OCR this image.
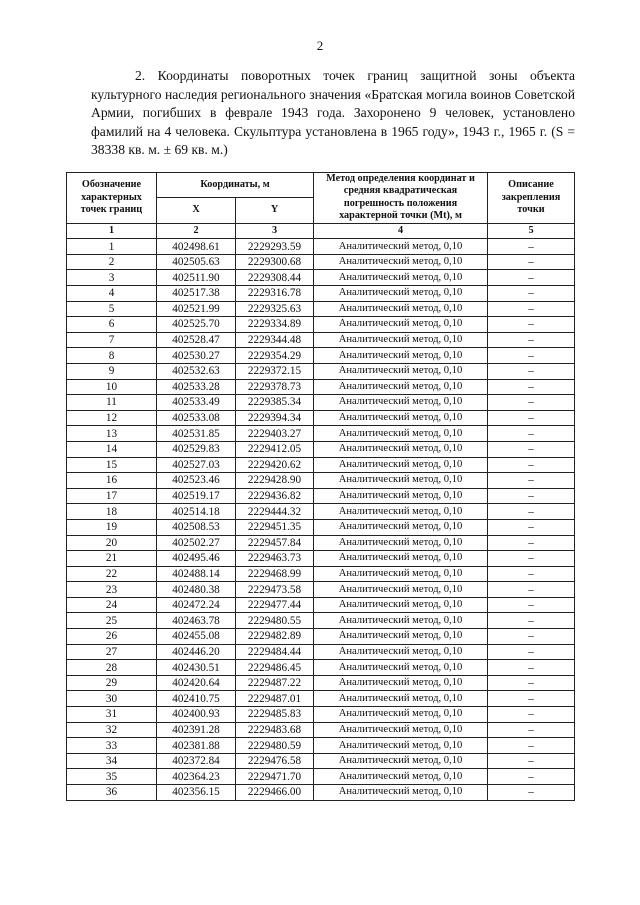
2
2. Координаты поворотных точек границ защитной зоны объекта культурного наследия регионального значения «Братская могила воинов Советской Армии, погибших в феврале 1943 года. Захоронено 9 человек, установлено фамилий на 4 человека. Скульптура установлена в 1965 году», 1943 г., 1965 г. (S = 38338 кв. м. ± 69 кв. м.)
Обозначение характерных точек границ	Координаты, м		Метод определения координат и средняя квадратическая погрешность положения характерной точки (Mt), м	Описание закрепления точки
	X	Y		
1	2	3	4	5
1	402498.61	2229293.59	Аналитический метод, 0,10	–
2	402505.63	2229300.68	Аналитический метод, 0,10	–
3	402511.90	2229308.44	Аналитический метод, 0,10	–
4	402517.38	2229316.78	Аналитический метод, 0,10	–
5	402521.99	2229325.63	Аналитический метод, 0,10	–
6	402525.70	2229334.89	Аналитический метод, 0,10	–
7	402528.47	2229344.48	Аналитический метод, 0,10	–
8	402530.27	2229354.29	Аналитический метод, 0,10	–
9	402532.63	2229372.15	Аналитический метод, 0,10	–
10	402533.28	2229378.73	Аналитический метод, 0,10	–
11	402533.49	2229385.34	Аналитический метод, 0,10	–
12	402533.08	2229394.34	Аналитический метод, 0,10	–
13	402531.85	2229403.27	Аналитический метод, 0,10	–
14	402529.83	2229412.05	Аналитический метод, 0,10	–
15	402527.03	2229420.62	Аналитический метод, 0,10	–
16	402523.46	2229428.90	Аналитический метод, 0,10	–
17	402519.17	2229436.82	Аналитический метод, 0,10	–
18	402514.18	2229444.32	Аналитический метод, 0,10	–
19	402508.53	2229451.35	Аналитический метод, 0,10	–
20	402502.27	2229457.84	Аналитический метод, 0,10	–
21	402495.46	2229463.73	Аналитический метод, 0,10	–
22	402488.14	2229468.99	Аналитический метод, 0,10	–
23	402480.38	2229473.58	Аналитический метод, 0,10	–
24	402472.24	2229477.44	Аналитический метод, 0,10	–
25	402463.78	2229480.55	Аналитический метод, 0,10	–
26	402455.08	2229482.89	Аналитический метод, 0,10	–
27	402446.20	2229484.44	Аналитический метод, 0,10	–
28	402430.51	2229486.45	Аналитический метод, 0,10	–
29	402420.64	2229487.22	Аналитический метод, 0,10	–
30	402410.75	2229487.01	Аналитический метод, 0,10	–
31	402400.93	2229485.83	Аналитический метод, 0,10	–
32	402391.28	2229483.68	Аналитический метод, 0,10	–
33	402381.88	2229480.59	Аналитический метод, 0,10	–
34	402372.84	2229476.58	Аналитический метод, 0,10	–
35	402364.23	2229471.70	Аналитический метод, 0,10	–
36	402356.15	2229466.00	Аналитический метод, 0,10	–
